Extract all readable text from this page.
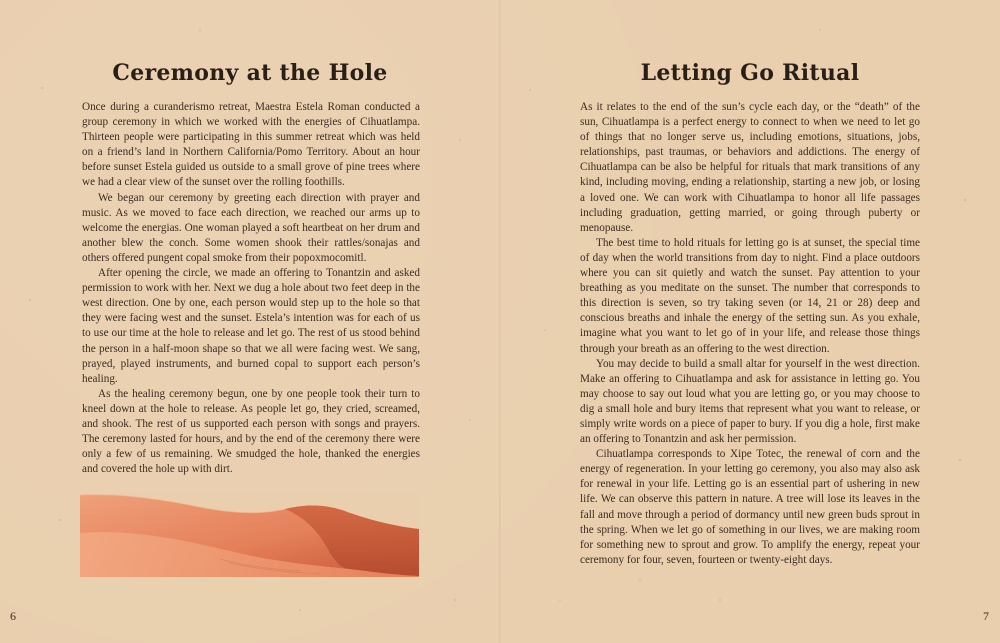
Ceremony at the Hole

Once during a curanderismo retreat, Maestra Estela Roman conducted a group ceremony in which we worked with the energies of Cihuatlampa. Thirteen people were participating in this summer retreat which was held on a friend’s land in Northern California/Pomo Territory. About an hour before sunset Estela guided us outside to a small grove of pine trees where we had a clear view of the sunset over the rolling foothills.

We began our ceremony by greeting each direction with prayer and music. As we moved to face each direction, we reached our arms up to welcome the energias. One woman played a soft heartbeat on her drum and another blew the conch. Some women shook their rattles/sonajas and others offered pungent copal smoke from their popoxmocomitl.

After opening the circle, we made an offering to Tonantzin and asked permission to work with her. Next we dug a hole about two feet deep in the west direction. One by one, each person would step up to the hole so that they were facing west and the sunset. Estela’s intention was for each of us to use our time at the hole to release and let go. The rest of us stood behind the person in a half-moon shape so that we all were facing west. We sang, prayed, played instruments, and burned copal to support each person’s healing.

As the healing ceremony begun, one by one people took their turn to kneel down at the hole to release. As people let go, they cried, screamed, and shook. The rest of us supported each person with songs and prayers. The ceremony lasted for hours, and by the end of the ceremony there were only a few of us remaining. We smudged the hole, thanked the energies and covered the hole up with dirt.

6
Letting Go Ritual

As it relates to the end of the sun’s cycle each day, or the “death” of the sun, Cihuatlampa is a perfect energy to connect to when we need to let go of things that no longer serve us, including emotions, situations, jobs, relationships, past traumas, or behaviors and addictions. The energy of Cihuatlampa can be also be helpful for rituals that mark transitions of any kind, including moving, ending a relationship, starting a new job, or losing a loved one. We can work with Cihuatlampa to honor all life passages including graduation, getting married, or going through puberty or menopause.

The best time to hold rituals for letting go is at sunset, the special time of day when the world transitions from day to night. Find a place outdoors where you can sit quietly and watch the sunset. Pay attention to your breathing as you meditate on the sunset. The number that corresponds to this direction is seven, so try taking seven (or 14, 21 or 28) deep and conscious breaths and inhale the energy of the setting sun. As you exhale, imagine what you want to let go of in your life, and release those things through your breath as an offering to the west direction.

You may decide to build a small altar for yourself in the west direction. Make an offering to Cihuatlampa and ask for assistance in letting go. You may choose to say out loud what you are letting go, or you may choose to dig a small hole and bury items that represent what you want to release, or simply write words on a piece of paper to bury. If you dig a hole, first make an offering to Tonantzin and ask her permission.

Cihuatlampa corresponds to Xipe Totec, the renewal of corn and the energy of regeneration. In your letting go ceremony, you also may also ask for renewal in your life. Letting go is an essential part of ushering in new life. We can observe this pattern in nature. A tree will lose its leaves in the fall and move through a period of dormancy until new green buds sprout in the spring. When we let go of something in our lives, we are making room for something new to sprout and grow. To amplify the energy, repeat your ceremony for four, seven, fourteen or twenty-eight days.

7
